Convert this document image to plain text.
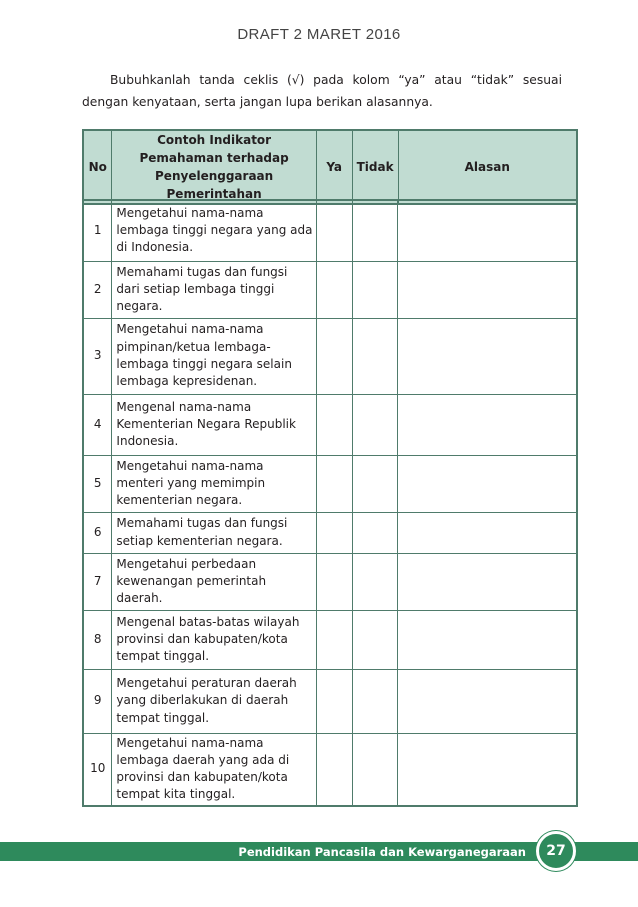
DRAFT 2 MARET 2016

Bubuhkanlah tanda ceklis (√) pada kolom “ya” atau “tidak” sesuai dengan kenyataan, serta jangan lupa berikan alasannya.

No	Contoh Indikator Pemahaman terhadap Penyelenggaraan Pemerintahan	Ya	Tidak	Alasan
1	Mengetahui nama-nama lembaga tinggi negara yang ada di Indonesia.			
2	Memahami tugas dan fungsi dari setiap lembaga tinggi negara.			
3	Mengetahui nama-nama pimpinan/ketua lembaga-lembaga tinggi negara selain lembaga kepresidenan.			
4	Mengenal nama-nama Kementerian Negara Republik Indonesia.			
5	Mengetahui nama-nama menteri yang memimpin kementerian negara.			
6	Memahami tugas dan fungsi setiap kementerian negara.			
7	Mengetahui perbedaan kewenangan pemerintah daerah.			
8	Mengenal batas-batas wilayah provinsi dan kabupaten/kota tempat tinggal.			
9	Mengetahui peraturan daerah yang diberlakukan di daerah tempat tinggal.			
10	Mengetahui nama-nama lembaga daerah yang ada di provinsi dan kabupaten/kota tempat kita tinggal.			
Pendidikan Pancasila dan Kewarganegaraan	27
